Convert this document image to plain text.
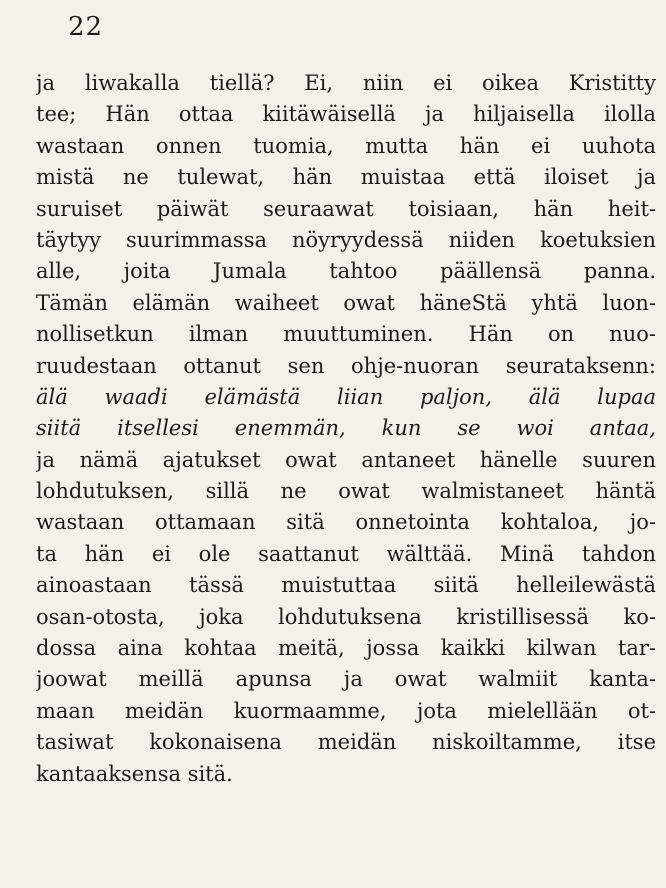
22
ja liwakalla tiellä? Ei, niin ei oikea Kristitty
tee; Hän ottaa kiitäwäisellä ja hiljaisella ilolla
wastaan onnen tuomia, mutta hän ei uuhota
mistä ne tulewat, hän muistaa että iloiset ja
suruiset päiwät seuraawat toisiaan, hän heit-
täytyy suurimmassa nöyryydessä niiden koetuksien
alle, joita Jumala tahtoo päällensä panna.
Tämän elämän waiheet owat häneStä yhtä luon-
nollisetkun ilman muuttuminen. Hän on nuo-
ruudestaan ottanut sen ohje-nuoran seurataksenn:
älä waadi elämästä liian paljon, älä lupaa
siitä itsellesi enemmän, kun se woi antaa,
ja nämä ajatukset owat antaneet hänelle suuren
lohdutuksen, sillä ne owat walmistaneet häntä
wastaan ottamaan sitä onnetointa kohtaloa, jo-
ta hän ei ole saattanut wälttää. Minä tahdon
ainoastaan tässä muistuttaa siitä helleilewästä
osan-otosta, joka lohdutuksena kristillisessä ko-
dossa aina kohtaa meitä, jossa kaikki kilwan tar-
joowat meillä apunsa ja owat walmiit kanta-
maan meidän kuormaamme, jota mielellään ot-
tasiwat kokonaisena meidän niskoiltamme, itse
kantaaksensa sitä.
